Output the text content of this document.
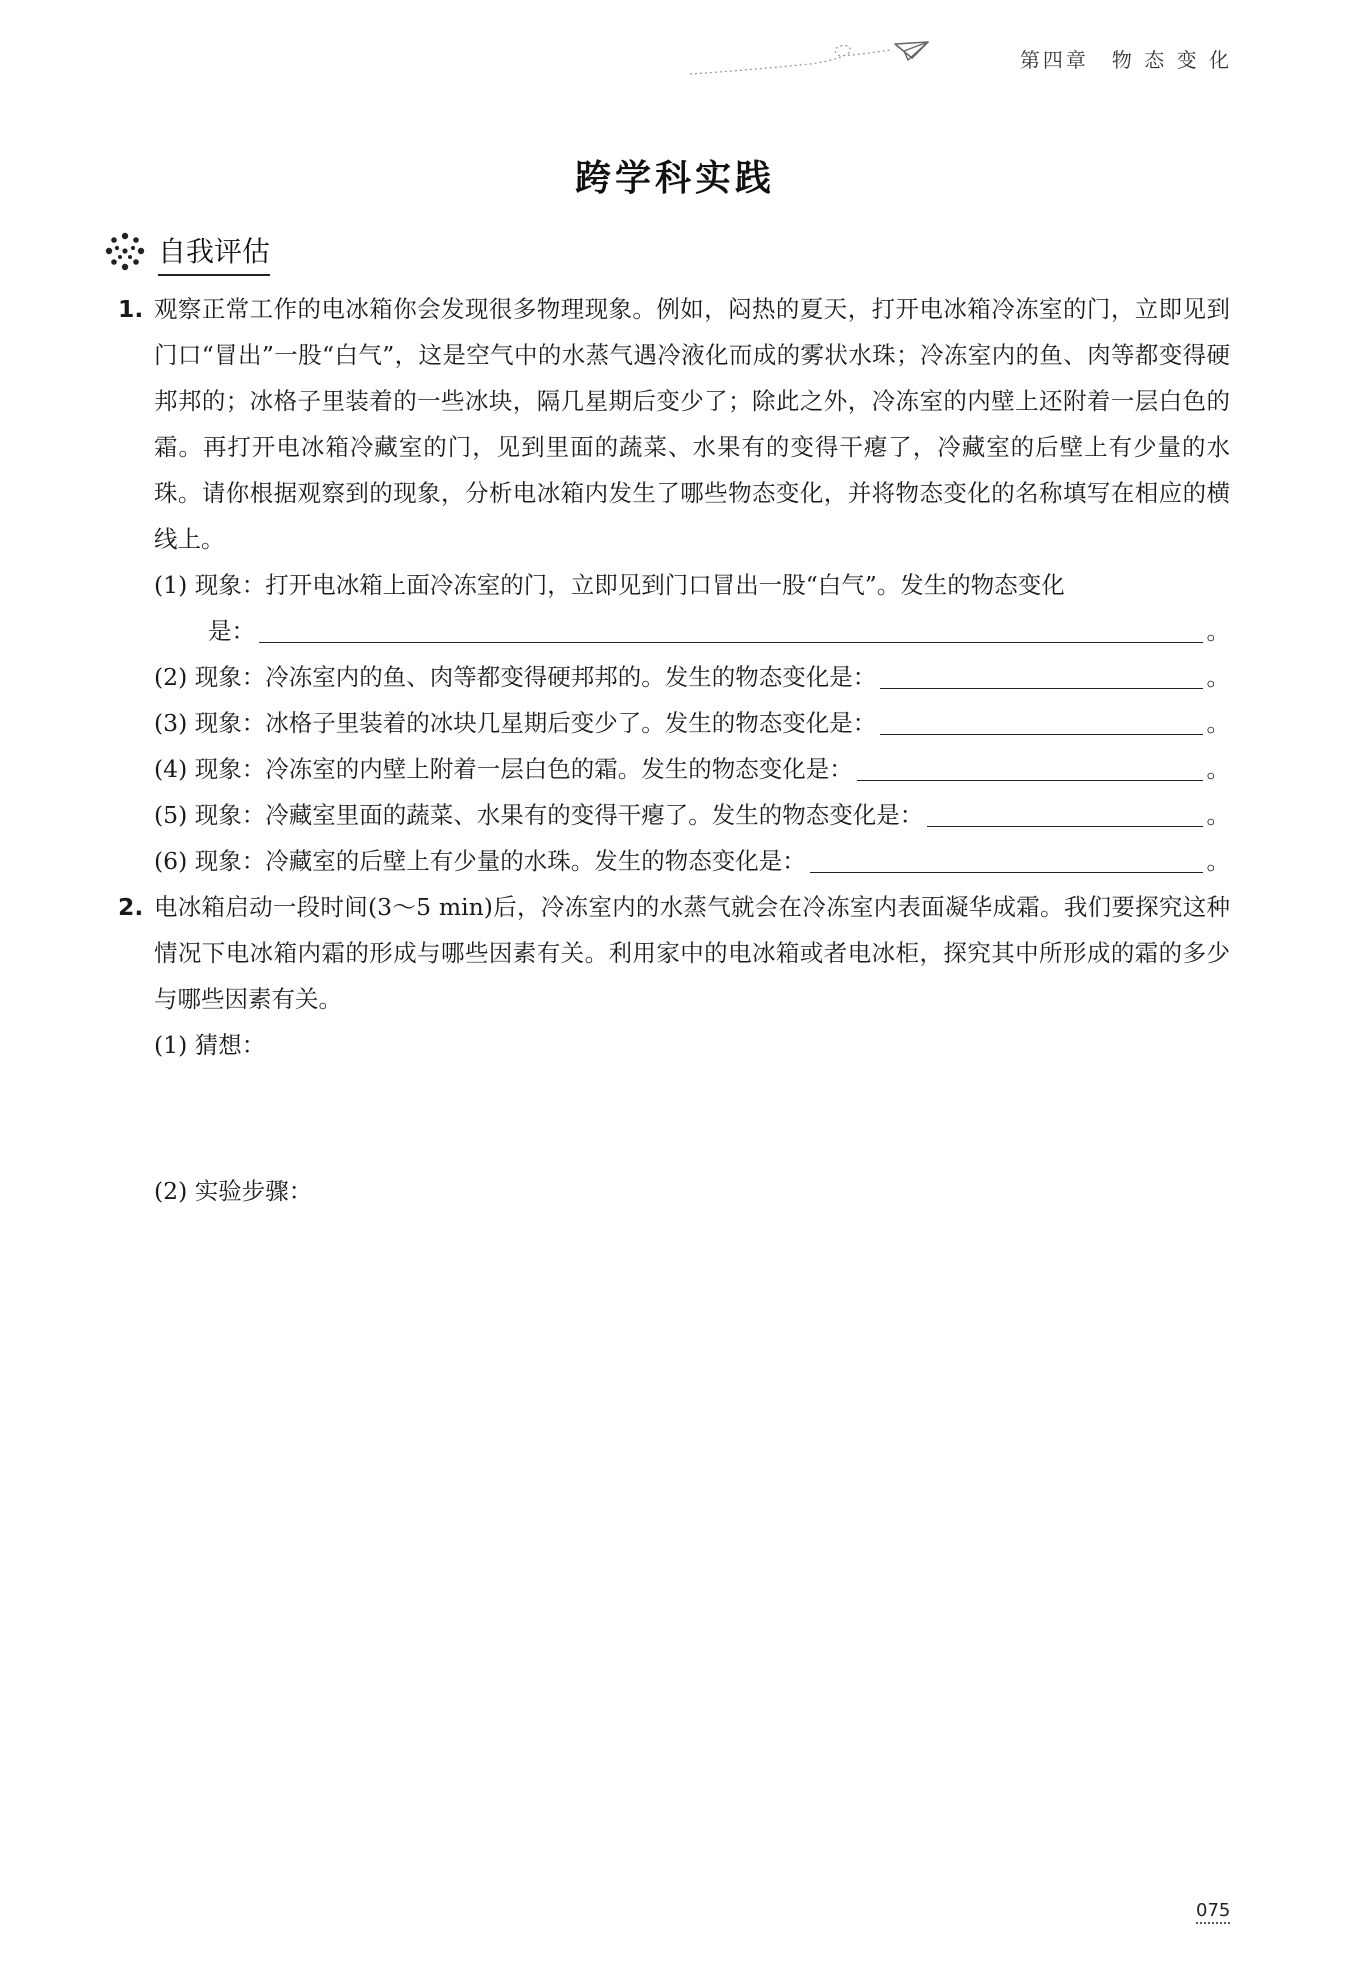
第四章　物 态 变 化
跨学科实践
自我评估
1. 观察正常工作的电冰箱你会发现很多物理现象。例如，闷热的夏天，打开电冰箱冷冻室的门，立即见到门口“冒出”一股“白气”，这是空气中的水蒸气遇冷液化而成的雾状水珠；冷冻室内的鱼、肉等都变得硬邦邦的；冰格子里装着的一些冰块，隔几星期后变少了；除此之外，冷冻室的内壁上还附着一层白色的霜。再打开电冰箱冷藏室的门，见到里面的蔬菜、水果有的变得干瘪了，冷藏室的后壁上有少量的水珠。请你根据观察到的现象，分析电冰箱内发生了哪些物态变化，并将物态变化的名称填写在相应的横线上。
(1) 现象：打开电冰箱上面冷冻室的门，立即见到门口冒出一股“白气”。发生的物态变化
是：	。
(2) 现象：冷冻室内的鱼、肉等都变得硬邦邦的。发生的物态变化是：	。
(3) 现象：冰格子里装着的冰块几星期后变少了。发生的物态变化是：	。
(4) 现象：冷冻室的内壁上附着一层白色的霜。发生的物态变化是：	。
(5) 现象：冷藏室里面的蔬菜、水果有的变得干瘪了。发生的物态变化是：	。
(6) 现象：冷藏室的后壁上有少量的水珠。发生的物态变化是：	。
2. 电冰箱启动一段时间(3～5 min)后，冷冻室内的水蒸气就会在冷冻室内表面凝华成霜。我们要探究这种情况下电冰箱内霜的形成与哪些因素有关。利用家中的电冰箱或者电冰柜，探究其中所形成的霜的多少与哪些因素有关。
(1) 猜想：
(2) 实验步骤：
075
